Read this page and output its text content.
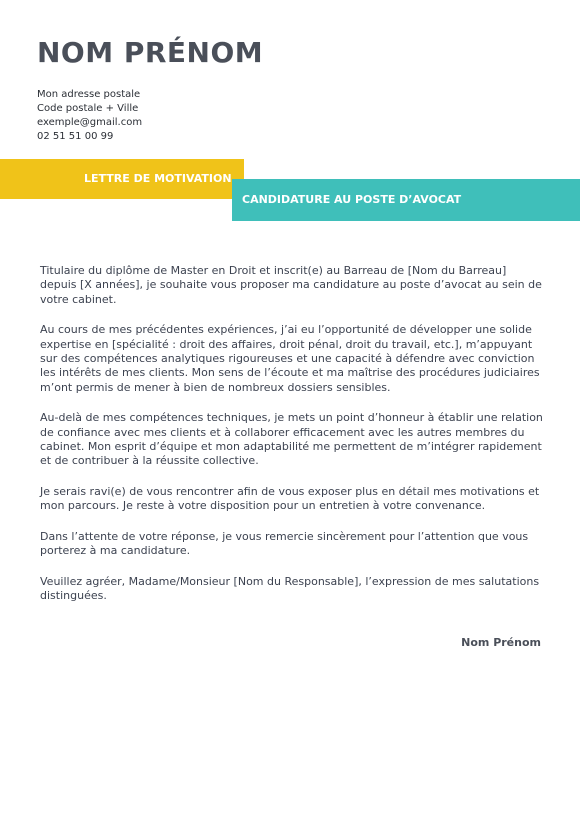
NOM PRÉNOM
Mon adresse postale
Code postale + Ville
exemple@gmail.com
02 51 51 00 99
LETTRE DE MOTIVATION
CANDIDATURE AU POSTE D’AVOCAT

Titulaire du diplôme de Master en Droit et inscrit(e) au Barreau de [Nom du Barreau] depuis [X années], je souhaite vous proposer ma candidature au poste d’avocat au sein de votre cabinet.

Au cours de mes précédentes expériences, j’ai eu l’opportunité de développer une solide expertise en [spécialité : droit des affaires, droit pénal, droit du travail, etc.], m’appuyant sur des compétences analytiques rigoureuses et une capacité à défendre avec conviction les intérêts de mes clients. Mon sens de l’écoute et ma maîtrise des procédures judiciaires m’ont permis de mener à bien de nombreux dossiers sensibles.

Au-delà de mes compétences techniques, je mets un point d’honneur à établir une relation de confiance avec mes clients et à collaborer efficacement avec les autres membres du cabinet. Mon esprit d’équipe et mon adaptabilité me permettent de m’intégrer rapidement et de contribuer à la réussite collective.

Je serais ravi(e) de vous rencontrer afin de vous exposer plus en détail mes motivations et mon parcours. Je reste à votre disposition pour un entretien à votre convenance.

Dans l’attente de votre réponse, je vous remercie sincèrement pour l’attention que vous porterez à ma candidature.

Veuillez agréer, Madame/Monsieur [Nom du Responsable], l’expression de mes salutations distinguées.

Nom Prénom
